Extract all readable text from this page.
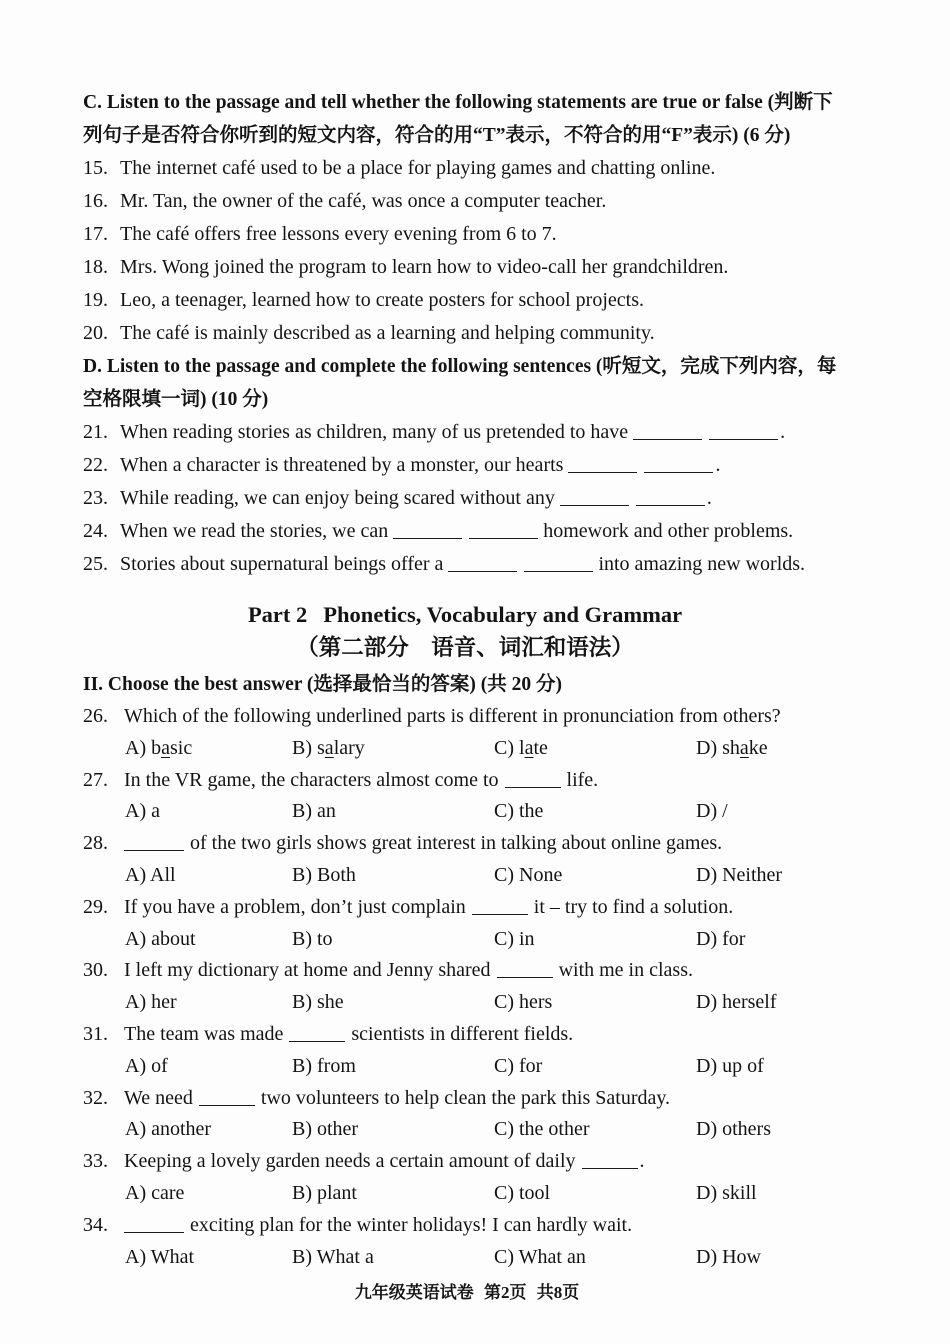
C. Listen to the passage and tell whether the following statements are true or false (判断下
列句子是否符合你听到的短文内容，符合的用“T”表示，不符合的用“F”表示) (6 分)
15. The internet café used to be a place for playing games and chatting online.
16. Mr. Tan, the owner of the café, was once a computer teacher.
17. The café offers free lessons every evening from 6 to 7.
18. Mrs. Wong joined the program to learn how to video-call her grandchildren.
19. Leo, a teenager, learned how to create posters for school projects.
20. The café is mainly described as a learning and helping community.
D. Listen to the passage and complete the following sentences (听短文，完成下列内容，每
空格限填一词) (10 分)
21. When reading stories as children, many of us pretended to have	.
22. When a character is threatened by a monster, our hearts	.
23. While reading, we can enjoy being scared without any	.
24. When we read the stories, we can	homework and other problems.
25. Stories about supernatural beings offer a	into amazing new worlds.
Part 2 Phonetics, Vocabulary and Grammar
（第二部分　语音、词汇和语法）
II. Choose the best answer (选择最恰当的答案) (共 20 分)
26. Which of the following underlined parts is different in pronunciation from others?
A) basic	B) salary	C) late	D) shake
27. In the VR game, the characters almost come to	life.
A) a	B) an	C) the	D) /
28.	of the two girls shows great interest in talking about online games.
A) All	B) Both	C) None	D) Neither
29. If you have a problem, don’t just complain	it – try to find a solution.
A) about	B) to	C) in	D) for
30. I left my dictionary at home and Jenny shared	with me in class.
A) her	B) she	C) hers	D) herself
31. The team was made	scientists in different fields.
A) of	B) from	C) for	D) up of
32. We need	two volunteers to help clean the park this Saturday.
A) another	B) other	C) the other	D) others
33. Keeping a lovely garden needs a certain amount of daily	.
A) care	B) plant	C) tool	D) skill
34.	exciting plan for the winter holidays! I can hardly wait.
A) What	B) What a	C) What an	D) How
九年级英语试卷 第2页 共8页
